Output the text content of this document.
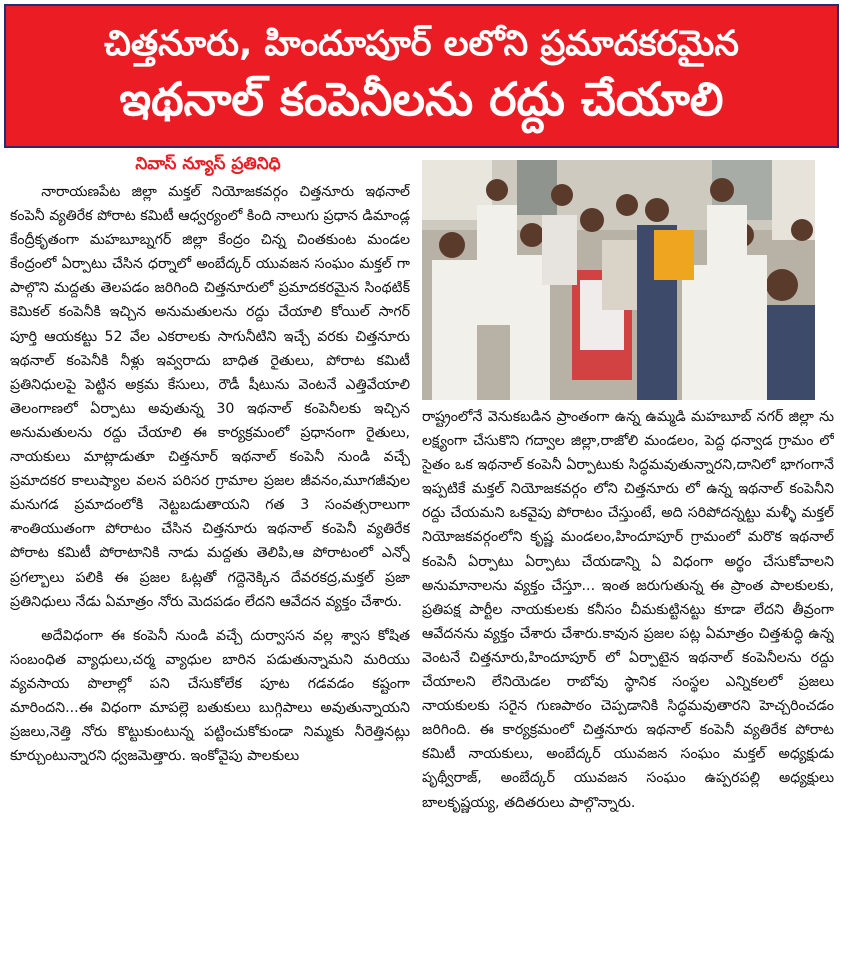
చిత్తనూరు, హిందూపూర్ లలోని ప్రమాదకరమైన
ఇథనాల్ కంపెనీలను రద్దు చేయాలి
నివాస్ న్యూస్ ప్రతినిధి

నారాయణపేట జిల్లా మక్తల్ నియోజకవర్గం చిత్తనూరు ఇథనాల్ కంపెనీ వ్యతిరేక పోరాట కమిటీ ఆధ్వర్యంలో కింది నాలుగు ప్రధాన డిమాండ్ల కేంద్రీకృతంగా మహబూబ్నగర్ జిల్లా కేంద్రం చిన్న చింతకుంట మండల కేంద్రంలో ఏర్పాటు చేసిన ధర్నాలో అంబేద్కర్ యువజన సంఘం మక్తల్ గా పాల్గొని మద్దతు తెలపడం జరిగింది చిత్తనూరులో ప్రమాదకరమైన సింథటిక్ కెమికల్ కంపెనీకి ఇచ్చిన అనుమతులను రద్దు చేయాలి కోయిల్ సాగర్ పూర్తి ఆయకట్టు 52 వేల ఎకరాలకు సాగునీటిని ఇచ్చే వరకు చిత్తనూరు ఇథనాల్ కంపెనీకి నీళ్లు ఇవ్వరాదు బాధిత రైతులు, పోరాట కమిటీ ప్రతినిధులపై పెట్టిన అక్రమ కేసులు, రౌడీ షీటును వెంటనే ఎత్తివేయాలి తెలంగాణలో ఏర్పాటు అవుతున్న 30 ఇథనాల్ కంపెనీలకు ఇచ్చిన అనుమతులను రద్దు చేయాలి ఈ కార్యక్రమంలో ప్రధానంగా రైతులు, నాయకులు మాట్లాడుతూ చిత్తనూర్ ఇథనాల్ కంపెనీ నుండి వచ్చే ప్రమాదకర కాలుష్యాల వలన పరిసర గ్రామాల ప్రజల జీవనం,మూగజీవుల మనుగడ ప్రమాదంలోకి నెట్టబడుతాయని గత 3 సంవత్సరాలుగా శాంతియుతంగా పోరాటం చేసిన చిత్తనూరు ఇథనాల్ కంపెనీ వ్యతిరేక పోరాట కమిటీ పోరాటానికి నాడు మద్దతు తెలిపి,ఆ పోరాటంలో ఎన్నో ప్రగల్బాలు పలికి ఈ ప్రజల ఓట్లతో గద్దెనెక్కిన దేవరకద్ర,మక్తల్ ప్రజా ప్రతినిధులు నేడు ఏమాత్రం నోరు మెదపడం లేదని ఆవేదన వ్యక్తం చేశారు.

అదేవిధంగా ఈ కంపెనీ నుండి వచ్చే దుర్వాసన వల్ల శ్వాస కోషిత సంబంధిత వ్యాధులు,చర్మ వ్యాధుల బారిన పడుతున్నామని మరియు వ్యవసాయ పొలాల్లో పని చేసుకోలేక పూట గడవడం కష్టంగా మారిందని...ఈ విధంగా మాపల్లె బతుకులు బుగ్గిపాలు అవుతున్నాయని ప్రజలు,నెత్తి నోరు కొట్టుకుంటున్న పట్టించుకోకుండా నిమ్మకు నీరెత్తినట్లు కూర్చుంటున్నారని ధ్వజమెత్తారు. ఇంకోవైపు పాలకులు

రాష్ట్రంలోనే వెనుకబడిన ప్రాంతంగా ఉన్న ఉమ్మడి మహబూబ్ నగర్ జిల్లా ను లక్ష్యంగా చేసుకొని గద్వాల జిల్లా,రాజోలి మండలం, పెద్ద ధన్వాడ గ్రామం లో సైతం ఒక ఇథనాల్ కంపెనీ ఏర్పాటుకు సిద్ధమవుతున్నారని,దానిలో భాగంగానే ఇప్పటికే మక్తల్ నియోజకవర్గం లోని చిత్తనూరు లో ఉన్న ఇథనాల్ కంపెనీని రద్దు చేయమని ఒకవైపు పోరాటం చేస్తుంటే, అది సరిపోదన్నట్టు మళ్ళీ మక్తల్ నియోజకవర్గంలోని కృష్ణ మండలం,హిందూపూర్ గ్రామంలో మరొక ఇథనాల్ కంపెనీ ఏర్పాటు ఏర్పాటు చేయడాన్ని ఏ విధంగా అర్థం చేసుకోవాలని అనుమానాలను వ్యక్తం చేస్తూ... ఇంత జరుగుతున్న ఈ ప్రాంత పాలకులకు, ప్రతిపక్ష పార్టీల నాయకులకు కనీసం చీమకుట్టినట్టు కూడా లేదని తీవ్రంగా ఆవేదనను వ్యక్తం చేశారు చేశారు.కావున ప్రజల పట్ల ఏమాత్రం చిత్తశుద్ధి ఉన్న వెంటనే చిత్తనూరు,హిందూపూర్ లో ఏర్పాటైన ఇథనాల్ కంపెనీలను రద్దు చేయాలని లేనియెడల రాబోవు స్థానిక సంస్థల ఎన్నికలలో ప్రజలు నాయకులకు సరైన గుణపాఠం చెప్పడానికి సిద్ధమవుతారని హెచ్చరించడం జరిగింది. ఈ కార్యక్రమంలో చిత్తనూరు ఇథనాల్ కంపెనీ వ్యతిరేక పోరాట కమిటీ నాయకులు, అంబేద్కర్ యువజన సంఘం మక్తల్ అధ్యక్షుడు పృథ్వీరాజ్, అంబేద్కర్ యువజన సంఘం ఉప్పరపల్లి అధ్యక్షులు బాలకృష్ణయ్య, తదితరులు పాల్గొన్నారు.
